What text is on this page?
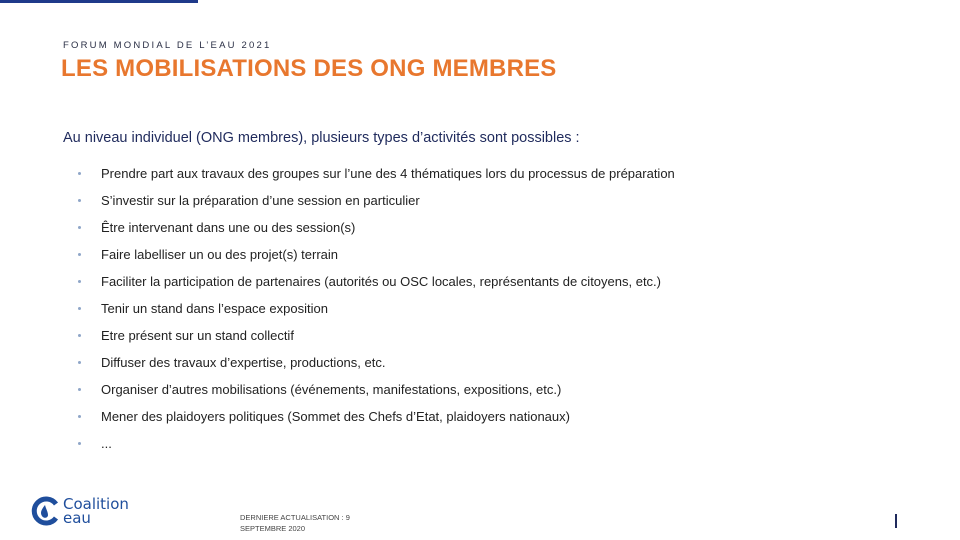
FORUM MONDIAL DE L’EAU 2021
LES MOBILISATIONS DES ONG MEMBRES
Au niveau individuel (ONG membres), plusieurs types d’activités sont possibles :
Prendre part aux travaux des groupes sur l’une des 4 thématiques lors du processus de préparation
S’investir sur la préparation d’une session en particulier
Être intervenant dans une ou des session(s)
Faire labelliser un ou des projet(s) terrain
Faciliter la participation de partenaires (autorités ou OSC locales, représentants de citoyens, etc.)
Tenir un stand dans l’espace exposition
Etre présent sur un stand collectif
Diffuser des travaux d’expertise, productions, etc.
Organiser d’autres mobilisations (événements, manifestations, expositions, etc.)
Mener des plaidoyers politiques (Sommet des Chefs d’Etat, plaidoyers nationaux)
...
Coalition
eau	DERNIERE ACTUALISATION : 9 SEPTEMBRE 2020
